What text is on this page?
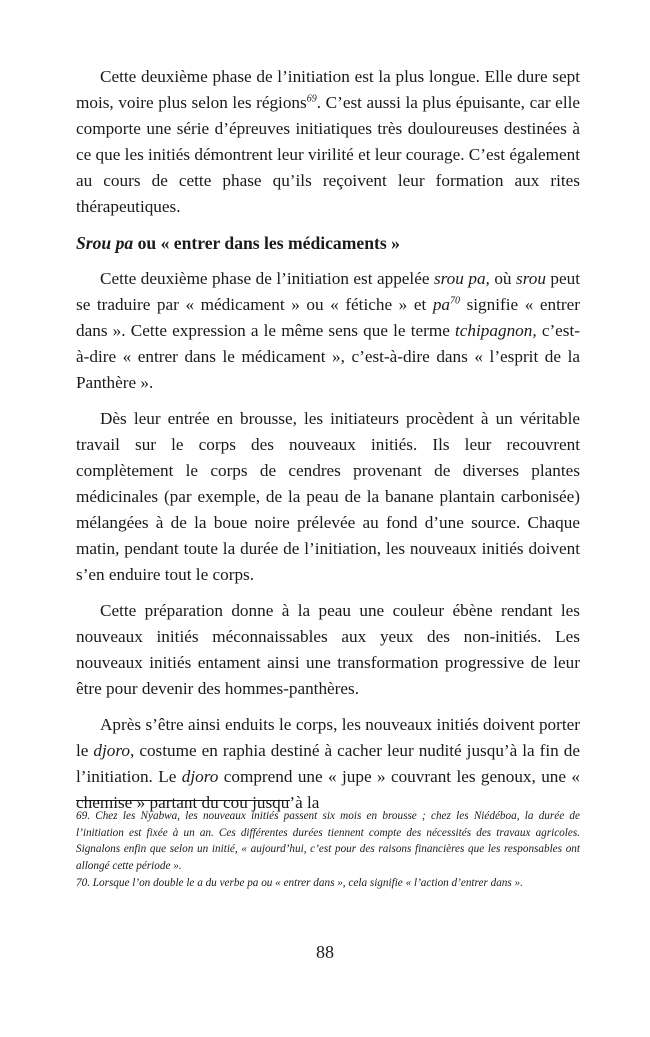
Cette deuxième phase de l’initiation est la plus longue. Elle dure sept mois, voire plus selon les régions$^{69}$. C’est aussi la plus épuisante, car elle comporte une série d’épreuves initiatiques très douloureuses destinées à ce que les initiés démontrent leur virilité et leur courage. C’est également au cours de cette phase qu’ils reçoivent leur formation aux rites thérapeutiques.

Srou pa ou « entrer dans les médicaments »

Cette deuxième phase de l’initiation est appelée srou pa, où srou peut se traduire par « médicament » ou « fétiche » et $pa^{70}$ signifie « entrer dans ». Cette expression a le même sens que le terme tchipagnon, c’est-à-dire « entrer dans le médicament », c’est-à-dire dans « l’esprit de la Panthère ».

Dès leur entrée en brousse, les initiateurs procèdent à un véritable travail sur le corps des nouveaux initiés. Ils leur recouvrent complètement le corps de cendres provenant de diverses plantes médicinales (par exemple, de la peau de la banane plantain carbonisée) mélangées à de la boue noire prélevée au fond d’une source. Chaque matin, pendant toute la durée de l’initiation, les nouveaux initiés doivent s’en enduire tout le corps.

Cette préparation donne à la peau une couleur ébène rendant les nouveaux initiés méconnaissables aux yeux des non-initiés. Les nouveaux initiés entament ainsi une transformation progressive de leur être pour devenir des hommes-panthères.

Après s’être ainsi enduits le corps, les nouveaux initiés doivent porter le djoro, costume en raphia destiné à cacher leur nudité jusqu’à la fin de l’initiation. Le djoro comprend une « jupe » couvrant les genoux, une « chemise » partant du cou jusqu’à la

69. Chez les Nyabwa, les nouveaux initiés passent six mois en brousse ; chez les Niédéboa, la durée de l’initiation est fixée à un an. Ces différentes durées tiennent compte des nécessités des travaux agricoles. Signalons enfin que selon un initié, « aujourd’hui, c’est pour des raisons financières que les responsables ont allongé cette période ».

70. Lorsque l’on double le a du verbe pa ou « entrer dans », cela signifie « l’action d’entrer dans ».

88
